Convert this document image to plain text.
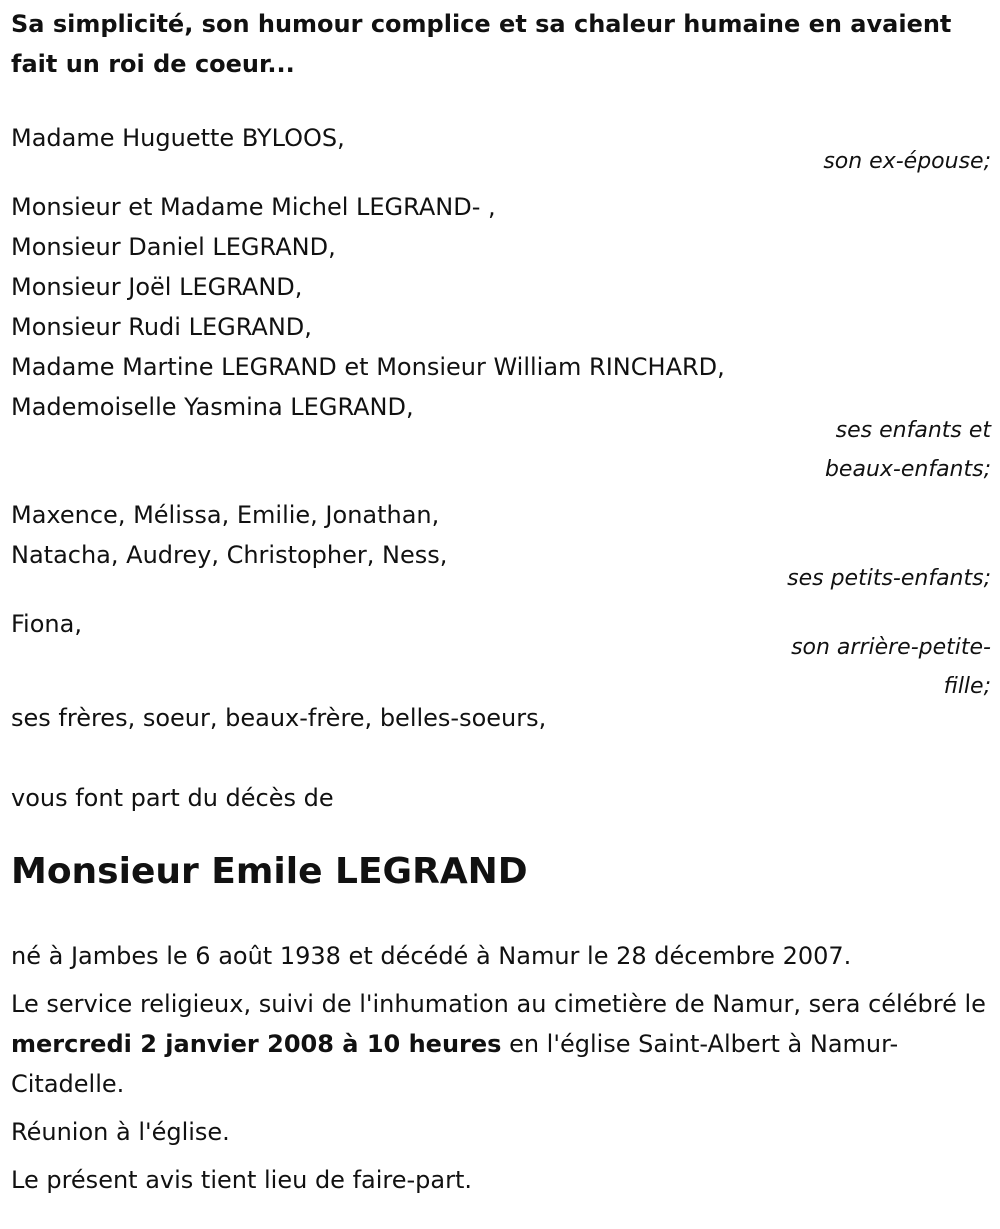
Sa simplicité, son humour complice et sa chaleur humaine en avaient fait un roi de coeur...
Madame Huguette BYLOOS,
son ex-épouse;
Monsieur et Madame Michel LEGRAND- ,
Monsieur Daniel LEGRAND,
Monsieur Joël LEGRAND,
Monsieur Rudi LEGRAND,
Madame Martine LEGRAND et Monsieur William RINCHARD,
Mademoiselle Yasmina LEGRAND,
ses enfants et
beaux-enfants;
Maxence, Mélissa, Emilie, Jonathan,
Natacha, Audrey, Christopher, Ness,
ses petits-enfants;
Fiona,
son arrière-petite-
fille;
ses frères, soeur, beaux-frère, belles-soeurs,
vous font part du décès de
Monsieur Emile LEGRAND
né à Jambes le 6 août 1938 et décédé à Namur le 28 décembre 2007.
Le service religieux, suivi de l'inhumation au cimetière de Namur, sera célébré le mercredi 2 janvier 2008 à 10 heures en l'église Saint-Albert à Namur-Citadelle.
Réunion à l'église.
Le présent avis tient lieu de faire-part.
